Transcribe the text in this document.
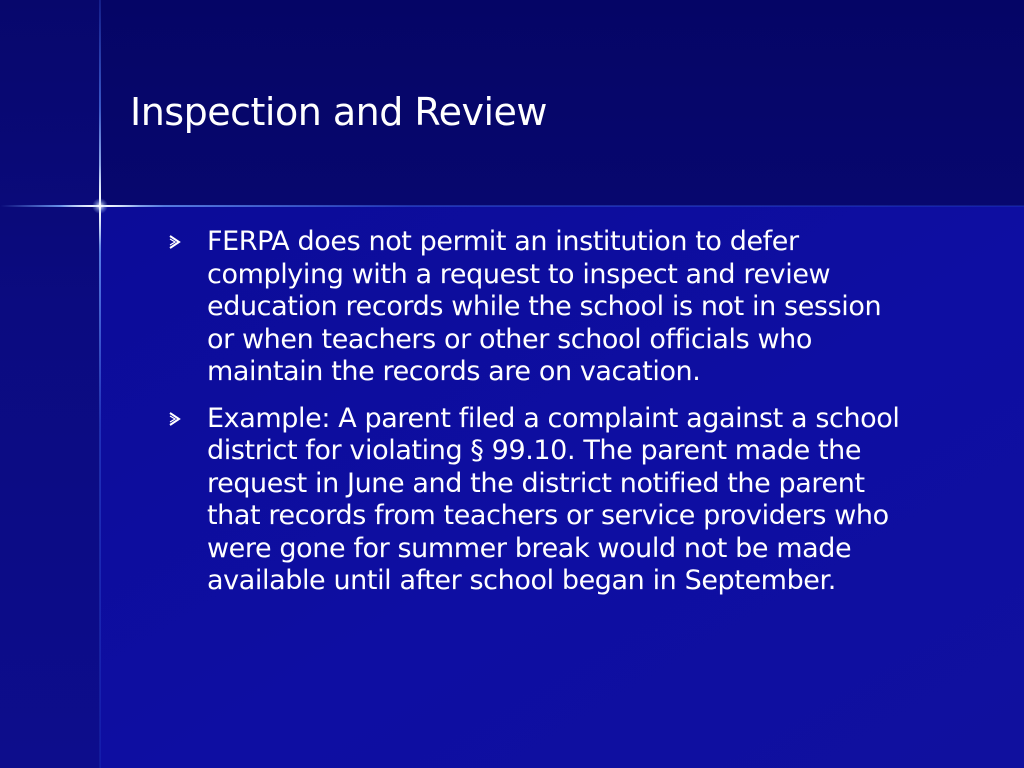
Inspection and Review
FERPA does not permit an institution to defer complying with a request to inspect and review education records while the school is not in session or when teachers or other school officials who maintain the records are on vacation.
Example: A parent filed a complaint against a school district for violating § 99.10. The parent made the request in June and the district notified the parent that records from teachers or service providers who were gone for summer break would not be made available until after school began in September.
